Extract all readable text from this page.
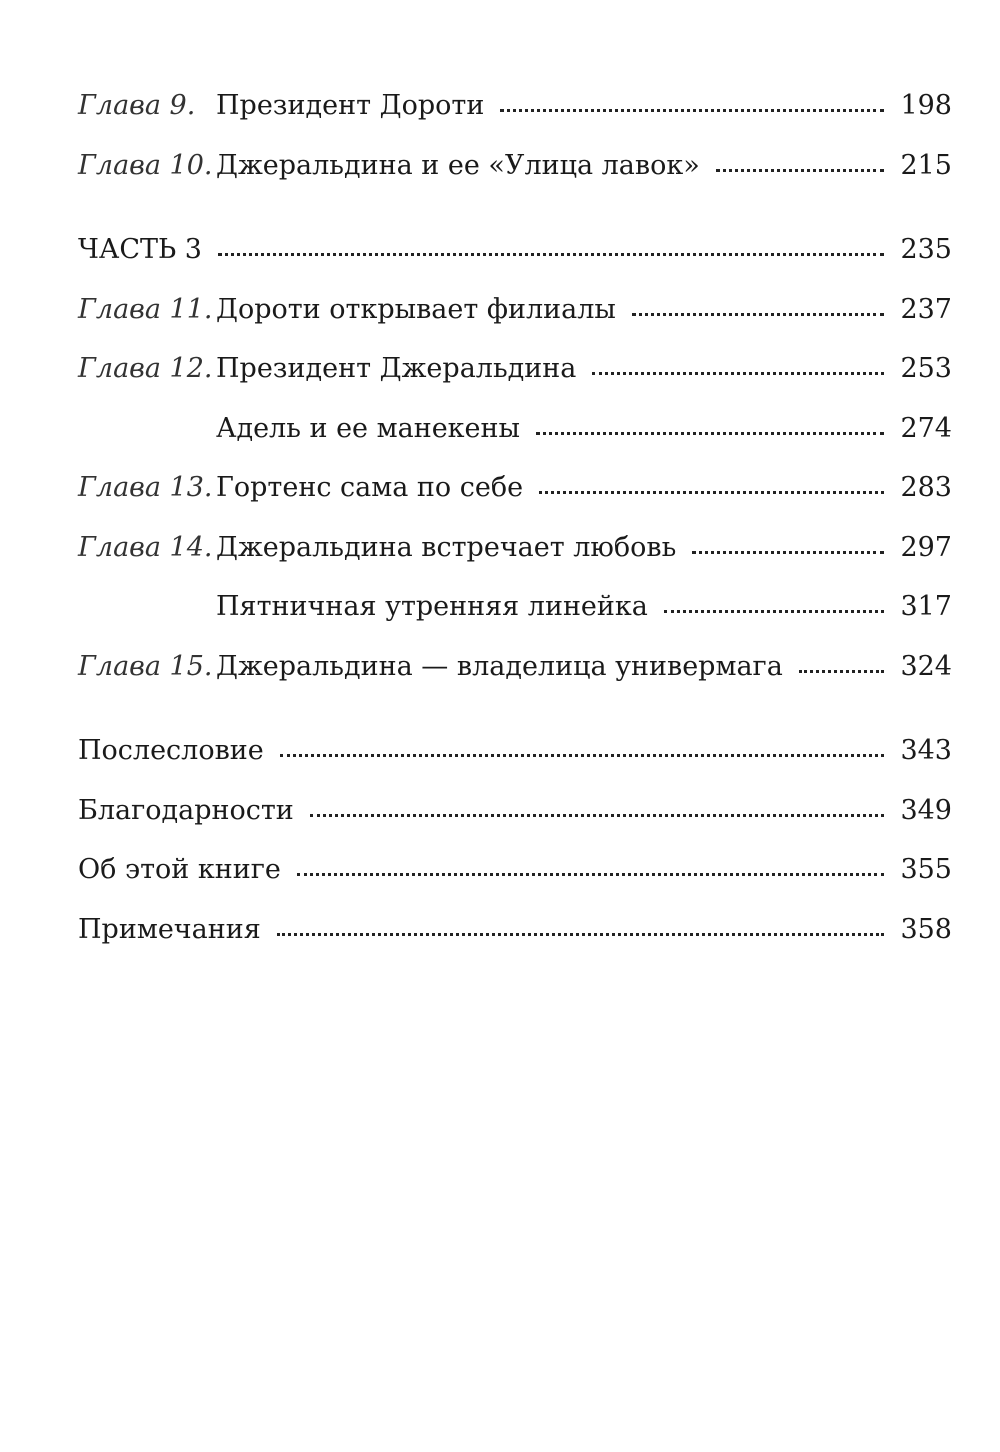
Глава 9. Президент Дороти	198
Глава 10. Джеральдина и ее «Улица лавок»	215
ЧАСТЬ 3	235
Глава 11. Дороти открывает филиалы	237
Глава 12. Президент Джеральдина	253
Адель и ее манекены	274
Глава 13. Гортенс сама по себе	283
Глава 14. Джеральдина встречает любовь	297
Пятничная утренняя линейка	317
Глава 15. Джеральдина — владелица универмага	324
Послесловие	343
Благодарности	349
Об этой книге	355
Примечания	358
